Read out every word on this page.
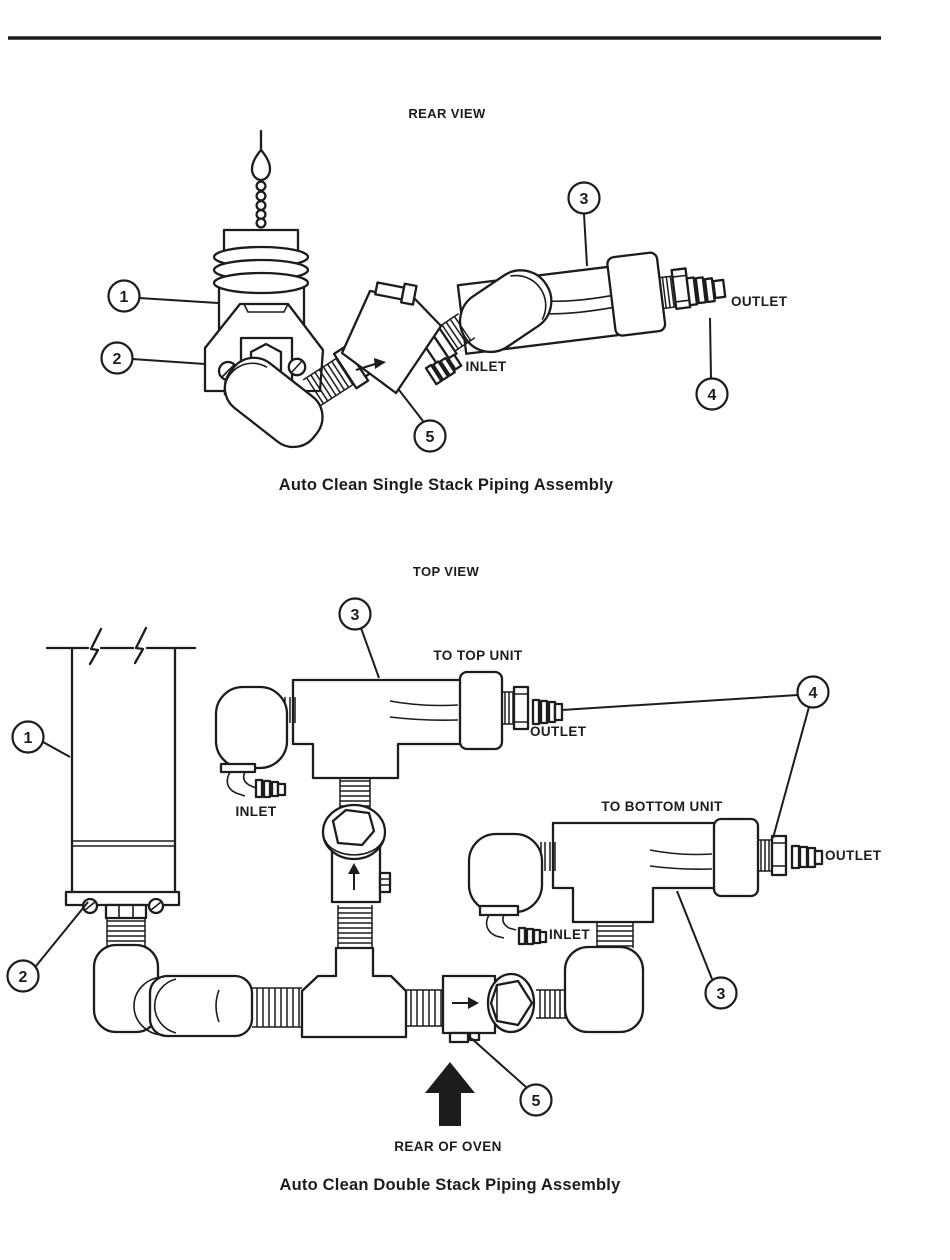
REAR VIEW
INLET
OUTLET
1
2
3
4
5
Auto Clean Single Stack Piping Assembly
TOP VIEW
TO TOP UNIT
OUTLET
INLET	TO BOTTOM UNIT
OUTLET
INLET
REAR OF OVEN
1
2
3
4
3
5
Auto Clean Double Stack Piping Assembly
